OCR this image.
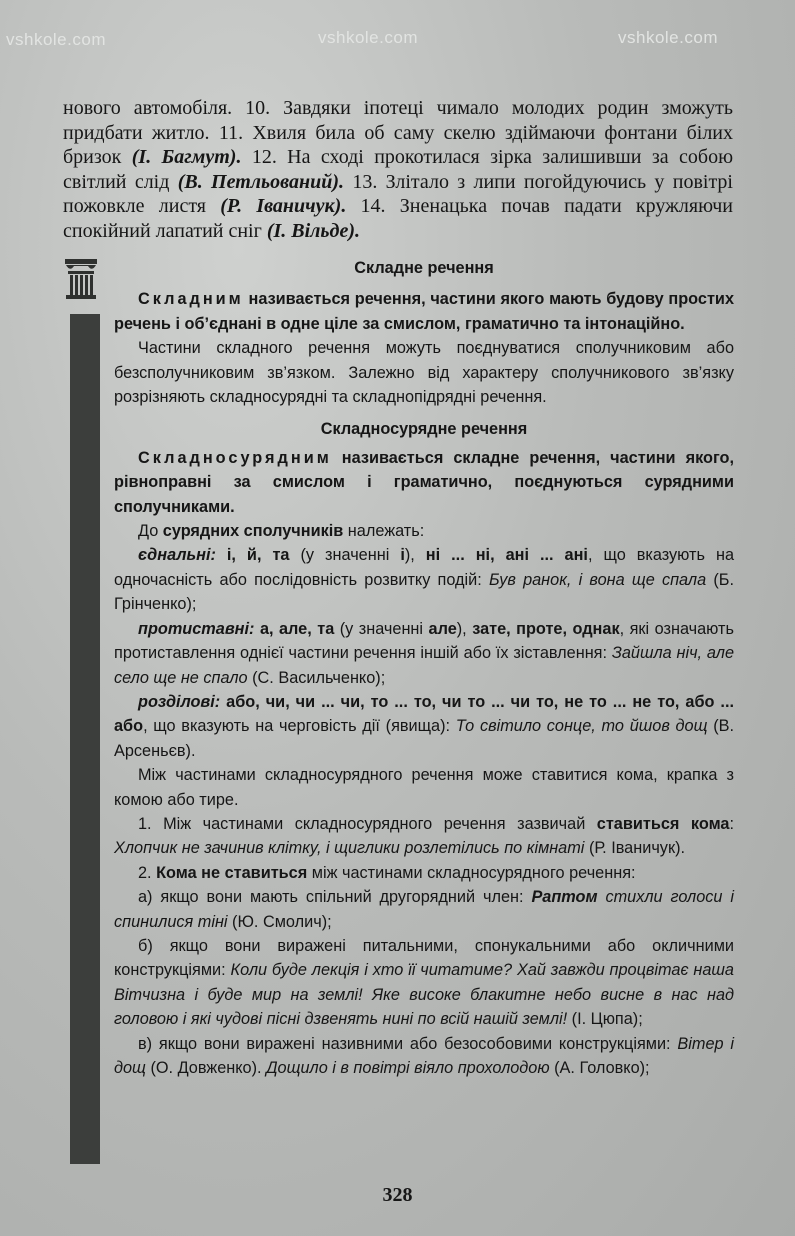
vshkole.com	vshkole.com	vshkole.com

нового автомобіля. 10. Завдяки іпотеці чимало молодих родин зможуть придбати житло. 11. Хвиля била об саму скелю здіймаючи фонтани білих бризок (І. Багмут). 12. На сході прокотилася зірка залишивши за собою світлий слід (В. Петльований). 13. Злітало з липи погойдуючись у повітрі пожовкле листя (Р. Іваничук). 14. Зненацька почав падати кружляючи спокійний лапатий сніг (І. Вільде).

Складне речення

Складним називається речення, частини якого мають будову простих речень і об’єднані в одне ціле за смислом, граматично та інтонаційно.

Частини складного речення можуть поєднуватися сполучниковим або безсполучниковим зв’язком. Залежно від характеру сполучникового зв’язку розрізняють складносурядні та складнопідрядні речення.

Складносурядне речення

Складносурядним називається складне речення, частини якого, рівноправні за смислом і граматично, поєднуються сурядними сполучниками.

До сурядних сполучників належать:

єднальні: і, й, та (у значенні і), ні ... ні, ані ... ані, що вказують на одночасність або послідовність розвитку подій: Був ранок, і вона ще спала (Б. Грінченко);

протиставні: а, але, та (у значенні але), зате, проте, однак, які означають протиставлення однієї частини речення іншій або їх зіставлення: Зайшла ніч, але село ще не спало (С. Васильченко);

розділові: або, чи, чи ... чи, то ... то, чи то ... чи то, не то ... не то, або ... або, що вказують на черговість дії (явища): То світило сонце, то йшов дощ (В. Арсеньєв).

Між частинами складносурядного речення може ставитися кома, крапка з комою або тире.

1. Між частинами складносурядного речення зазвичай ставиться кома: Хлопчик не зачинив клітку, і щиглики розлетілись по кімнаті (Р. Іваничук).

2. Кома не ставиться між частинами складносурядного речення:

а) якщо вони мають спільний другорядний член: Раптом стихли голоси і спинилися тіні (Ю. Смолич);

б) якщо вони виражені питальними, спонукальними або окличними конструкціями: Коли буде лекція і хто її читатиме? Хай завжди процвітає наша Вітчизна і буде мир на землі! Яке високе блакитне небо висне в нас над головою і які чудові пісні дзвенять нині по всій нашій землі! (І. Цюпа);

в) якщо вони виражені називними або безособовими конструкціями: Вітер і дощ (О. Довженко). Дощило і в повітрі віяло прохолодою (А. Головко);

328
